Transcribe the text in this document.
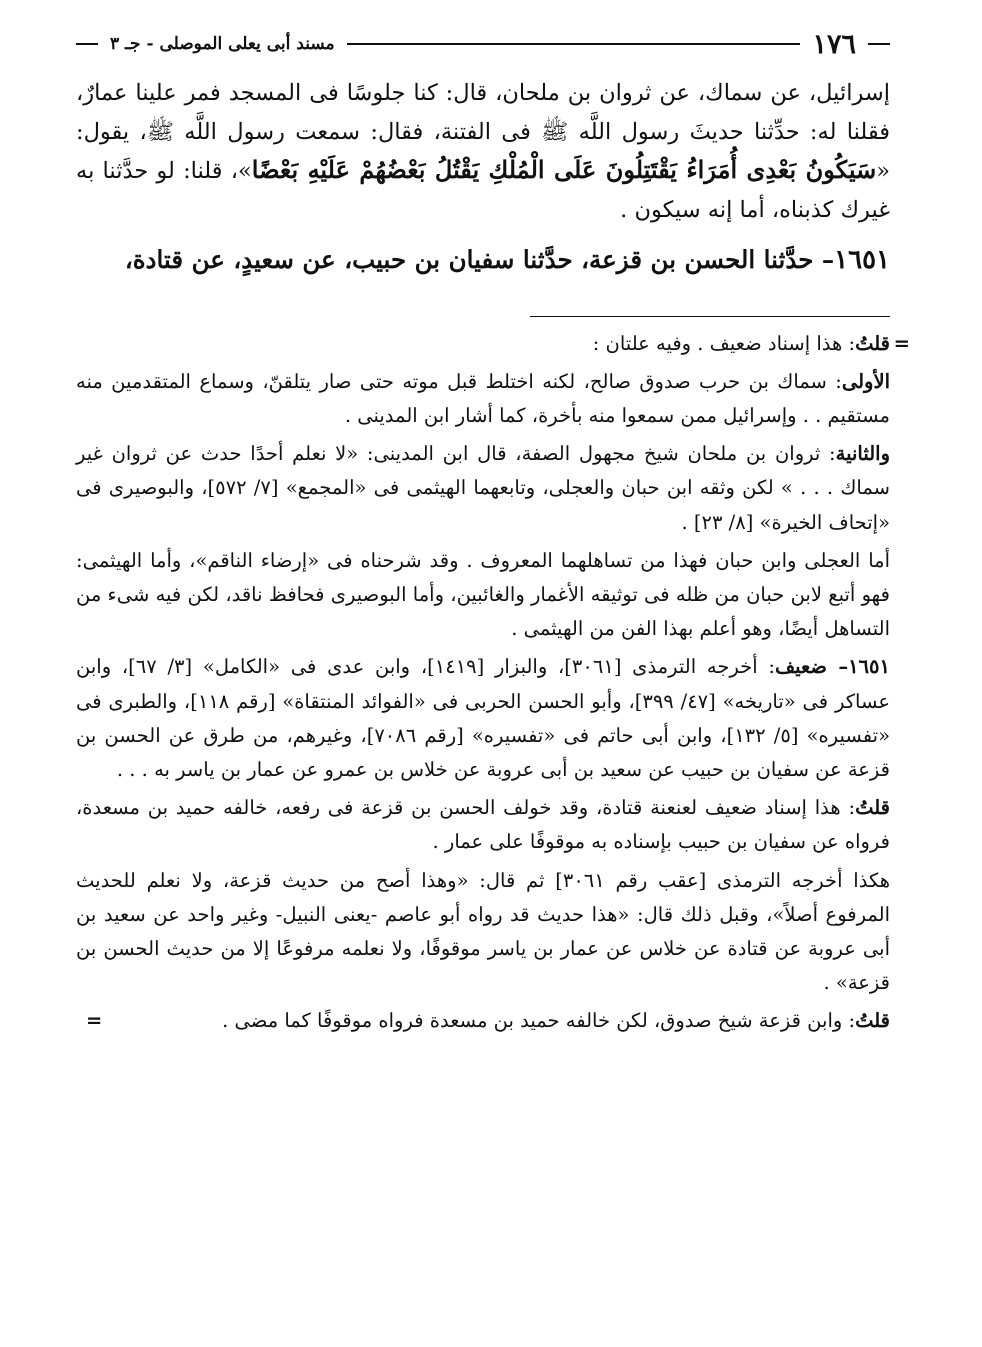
١٧٦
مسند أبى يعلى الموصلى - جـ ٣

إسرائيل، عن سماك، عن ثروان بن ملحان، قال: كنا جلوسًا فى المسجد فمر علينا عمارٌ، فقلنا له: حدِّثنا حديثَ رسول اللَّه ﷺ فى الفتنة، فقال: سمعت رسول اللَّه ﷺ، يقول: «سَيَكُونُ بَعْدِى أُمَرَاءُ يَقْتَتِلُونَ عَلَى الْمُلْكِ يَقْتُلُ بَعْضُهُمْ عَلَيْهِ بَعْضًا»، قلنا: لو حدَّثنا به غيرك كذبناه، أما إنه سيكون .

١٦٥١– حدَّثنا الحسن بن قزعة، حدَّثنا سفيان بن حبيب، عن سعيدٍ، عن قتادة،

=
قلتُ: هذا إسناد ضعيف . وفيه علتان :

الأولى: سماك بن حرب صدوق صالح، لكنه اختلط قبل موته حتى صار يتلقنّ، وسماع المتقدمين منه مستقيم . . وإسرائيل ممن سمعوا منه بأخرة، كما أشار ابن المدينى .

والثانية: ثروان بن ملحان شيخ مجهول الصفة، قال ابن المدينى: «لا نعلم أحدًا حدث عن ثروان غير سماك . . . » لكن وثقه ابن حبان والعجلى، وتابعهما الهيثمى فى «المجمع» [٧/ ٥٧٢]، والبوصيرى فى «إتحاف الخيرة» [٨/ ٢٣] .

أما العجلى وابن حبان فهذا من تساهلهما المعروف . وقد شرحناه فى «إرضاء الناقم»، وأما الهيثمى: فهو أتبع لابن حبان من ظله فى توثيقه الأغمار والغائبين، وأما البوصيرى فحافظ ناقد، لكن فيه شىء من التساهل أيضًا، وهو أعلم بهذا الفن من الهيثمى .

١٦٥١– ضعيف: أخرجه الترمذى [٣٠٦١]، والبزار [١٤١٩]، وابن عدى فى «الكامل» [٣/ ٦٧]، وابن عساكر فى «تاريخه» [٤٧/ ٣٩٩]، وأبو الحسن الحربى فى «الفوائد المنتقاة» [رقم ١١٨]، والطبرى فى «تفسيره» [٥/ ١٣٢]، وابن أبى حاتم فى «تفسيره» [رقم ٧٠٨٦]، وغيرهم، من طرق عن الحسن بن قزعة عن سفيان بن حبيب عن سعيد بن أبى عروبة عن خلاس بن عمرو عن عمار بن ياسر به . . .

قلتُ: هذا إسناد ضعيف لعنعنة قتادة، وقد خولف الحسن بن قزعة فى رفعه، خالفه حميد بن مسعدة، فرواه عن سفيان بن حبيب بإسناده به موقوفًا على عمار .

هكذا أخرجه الترمذى [عقب رقم ٣٠٦١] ثم قال: «وهذا أصح من حديث قزعة، ولا نعلم للحديث المرفوع أصلاً»، وقبل ذلك قال: «هذا حديث قد رواه أبو عاصم -يعنى النبيل- وغير واحد عن سعيد بن أبى عروبة عن قتادة عن خلاس عن عمار بن ياسر موقوفًا، ولا نعلمه مرفوعًا إلا من حديث الحسن بن قزعة» .

قلتُ: وابن قزعة شيخ صدوق، لكن خالفه حميد بن مسعدة فرواه موقوفًا كما مضى .
=
